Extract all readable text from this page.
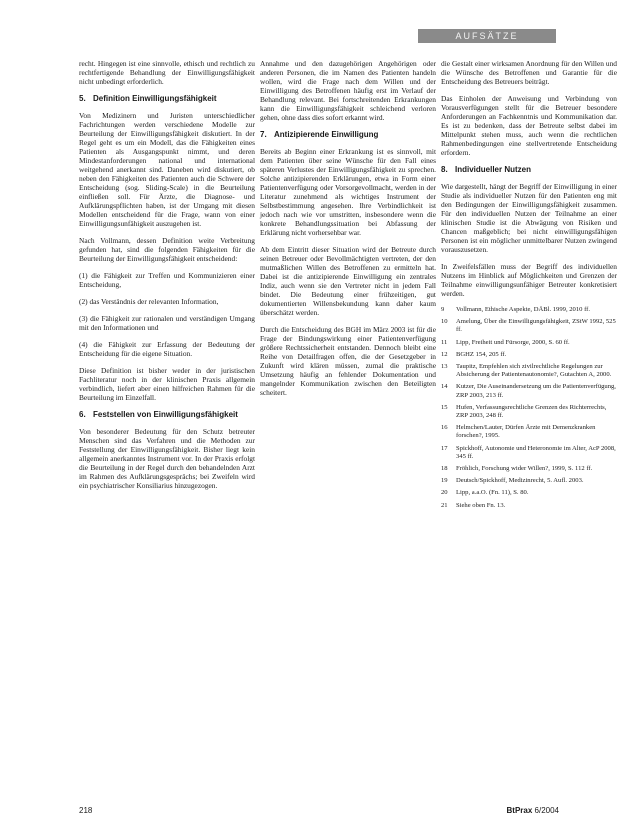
AUFSÄTZE

recht. Hingegen ist eine sinnvolle, ethisch und rechtlich zu rechtfertigende Behandlung der Einwilligungsfähigkeit nicht unbedingt erforderlich.

5. Definition Einwilligungsfähigkeit

Von Medizinern und Juristen unterschiedlicher Fachrichtungen werden verschiedene Modelle zur Beurteilung der Einwilligungsfähigkeit diskutiert. In der Regel geht es um ein Modell, das die Fähigkeiten eines Patienten als Ausgangspunkt nimmt, und deren Mindestanforderungen national und international weitgehend anerkannt sind. Daneben wird diskutiert, ob neben den Fähigkeiten des Patienten auch die Schwere der Entscheidung (sog. Sliding-Scale) in die Beurteilung einfließen soll. Für Ärzte, die Diagnose- und Aufklärungspflichten haben, ist der Umgang mit diesen Modellen entscheidend für die Frage, wann von einer Einwilligungsunfähigkeit auszugehen ist.

Nach Vollmann, dessen Definition weite Verbreitung gefunden hat, sind die folgenden Fähigkeiten für die Beurteilung der Einwilligungsfähigkeit entscheidend:

(1) die Fähigkeit zur Treffen und Kommunizieren einer Entscheidung,

(2) das Verständnis der relevanten Information,

(3) die Fähigkeit zur rationalen und verständigen Umgang mit den Informationen und

(4) die Fähigkeit zur Erfassung der Bedeutung der Entscheidung für die eigene Situation.

Diese Definition ist bisher weder in der juristischen Fachliteratur noch in der klinischen Praxis allgemein verbindlich, liefert aber einen hilfreichen Rahmen für die Beurteilung im Einzelfall.

6. Feststellen von Einwilligungsfähigkeit

Von besonderer Bedeutung für den Schutz betreuter Menschen sind das Verfahren und die Methoden zur Feststellung der Einwilligungsfähigkeit. Bisher liegt kein allgemein anerkanntes Instrument vor. In der Praxis erfolgt die Beurteilung in der Regel durch den behandelnden Arzt im Rahmen des Aufklärungsgesprächs; bei Zweifeln wird ein psychiatrischer Konsiliarius hinzugezogen.

Annahme und den dazugehörigen Angehörigen oder anderen Personen, die im Namen des Patienten handeln wollen, wird die Frage nach dem Willen und der Einwilligung des Betroffenen häufig erst im Verlauf der Behandlung relevant. Bei fortschreitenden Erkrankungen kann die Einwilligungsfähigkeit schleichend verloren gehen, ohne dass dies sofort erkannt wird.

7. Antizipierende Einwilligung

Bereits ab Beginn einer Erkrankung ist es sinnvoll, mit dem Patienten über seine Wünsche für den Fall eines späteren Verlustes der Einwilligungsfähigkeit zu sprechen. Solche antizipierenden Erklärungen, etwa in Form einer Patientenverfügung oder Vorsorgevollmacht, werden in der Literatur zunehmend als wichtiges Instrument der Selbstbestimmung angesehen. Ihre Verbindlichkeit ist jedoch nach wie vor umstritten, insbesondere wenn die konkrete Behandlungssituation bei Abfassung der Erklärung nicht vorhersehbar war.

Ab dem Eintritt dieser Situation wird der Betreute durch seinen Betreuer oder Bevollmächtigten vertreten, der den mutmaßlichen Willen des Betroffenen zu ermitteln hat. Dabei ist die antizipierende Einwilligung ein zentrales Indiz, auch wenn sie den Vertreter nicht in jedem Fall bindet. Die Bedeutung einer frühzeitigen, gut dokumentierten Willensbekundung kann daher kaum überschätzt werden.

Durch die Entscheidung des BGH im März 2003 ist für die Frage der Bindungswirkung einer Patientenverfügung größere Rechtssicherheit entstanden. Dennoch bleibt eine Reihe von Detailfragen offen, die der Gesetzgeber in Zukunft wird klären müssen, zumal die praktische Umsetzung häufig an fehlender Dokumentation und mangelnder Kommunikation zwischen den Beteiligten scheitert.

die Gestalt einer wirksamen Anordnung für den Willen und die Wünsche des Betroffenen und Garantie für die Entscheidung des Betreuers beiträgt.

Das Einholen der Anweisung und Verbindung von Vorausverfügungen stellt für die Betreuer besondere Anforderungen an Fachkenntnis und Kommunikation dar. Es ist zu bedenken, dass der Betreute selbst dabei im Mittelpunkt stehen muss, auch wenn die rechtlichen Rahmenbedingungen eine stellvertretende Entscheidung erfordern.

8. Individueller Nutzen

Wie dargestellt, hängt der Begriff der Einwilligung in einer Studie als individueller Nutzen für den Patienten eng mit den Bedingungen der Einwilligungsfähigkeit zusammen. Für den individuellen Nutzen der Teilnahme an einer klinischen Studie ist die Abwägung von Risiken und Chancen maßgeblich; bei nicht einwilligungsfähigen Personen ist ein möglicher unmittelbarer Nutzen zwingend vorauszusetzen.

In Zweifelsfällen muss der Begriff des individuellen Nutzens im Hinblick auf Möglichkeiten und Grenzen der Teilnahme einwilligungsunfähiger Betreuter konkretisiert werden.

9	Vollmann, Ethische Aspekte, DÄBl. 1999, 2010 ff.
10	Amelung, Über die Einwilligungsfähigkeit, ZStW 1992, 525 ff.
11	Lipp, Freiheit und Fürsorge, 2000, S. 60 ff.
12	BGHZ 154, 205 ff.
13	Taupitz, Empfehlen sich zivilrechtliche Regelungen zur Absicherung der Patientenautonomie?, Gutachten A, 2000.
14	Kutzer, Die Auseinandersetzung um die Patientenverfügung, ZRP 2003, 213 ff.
15	Hufen, Verfassungsrechtliche Grenzen des Richterrechts, ZRP 2003, 248 ff.
16	Helmchen/Lauter, Dürfen Ärzte mit Demenzkranken forschen?, 1995.
17	Spickhoff, Autonomie und Heteronomie im Alter, AcP 2008, 345 ff.
18	Fröhlich, Forschung wider Willen?, 1999, S. 112 ff.
19	Deutsch/Spickhoff, Medizinrecht, 5. Aufl. 2003.
20	Lipp, a.a.O. (Fn. 11), S. 80.
21	Siehe oben Fn. 13.
218	BtPrax 6/2004
